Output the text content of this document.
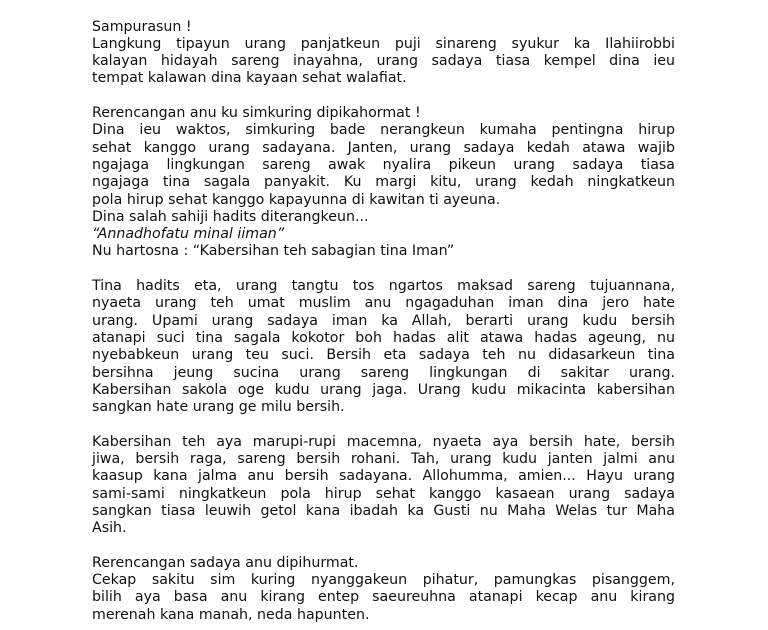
Sampurasun !
Langkung tipayun urang panjatkeun puji sinareng syukur ka Ilahiirobbi
kalayan hidayah sareng inayahna, urang sadaya tiasa kempel dina ieu
tempat kalawan dina kayaan sehat walafiat.
Rerencangan anu ku simkuring dipikahormat !
Dina ieu waktos, simkuring bade nerangkeun kumaha pentingna hirup
sehat kanggo urang sadayana. Janten, urang sadaya kedah atawa wajib
ngajaga lingkungan sareng awak nyalira pikeun urang sadaya tiasa
ngajaga tina sagala panyakit. Ku margi kitu, urang kedah ningkatkeun
pola hirup sehat kanggo kapayunna di kawitan ti ayeuna.
Dina salah sahiji hadits diterangkeun...
“Annadhofatu minal iiman”
Nu hartosna : “Kabersihan teh sabagian tina Iman”
Tina hadits eta, urang tangtu tos ngartos maksad sareng tujuannana,
nyaeta urang teh umat muslim anu ngagaduhan iman dina jero hate
urang. Upami urang sadaya iman ka Allah, berarti urang kudu bersih
atanapi suci tina sagala kokotor boh hadas alit atawa hadas ageung, nu
nyebabkeun urang teu suci. Bersih eta sadaya teh nu didasarkeun tina
bersihna jeung sucina urang sareng lingkungan di sakitar urang.
Kabersihan sakola oge kudu urang jaga. Urang kudu mikacinta kabersihan
sangkan hate urang ge milu bersih.
Kabersihan teh aya marupi-rupi macemna, nyaeta aya bersih hate, bersih
jiwa, bersih raga, sareng bersih rohani. Tah, urang kudu janten jalmi anu
kaasup kana jalma anu bersih sadayana. Allohumma, amien... Hayu urang
sami-sami ningkatkeun pola hirup sehat kanggo kasaean urang sadaya
sangkan tiasa leuwih getol kana ibadah ka Gusti nu Maha Welas tur Maha
Asih.
Rerencangan sadaya anu dipihurmat.
Cekap sakitu sim kuring nyanggakeun pihatur, pamungkas pisanggem,
bilih aya basa anu kirang entep saeureuhna atanapi kecap anu kirang
merenah kana manah, neda hapunten.
